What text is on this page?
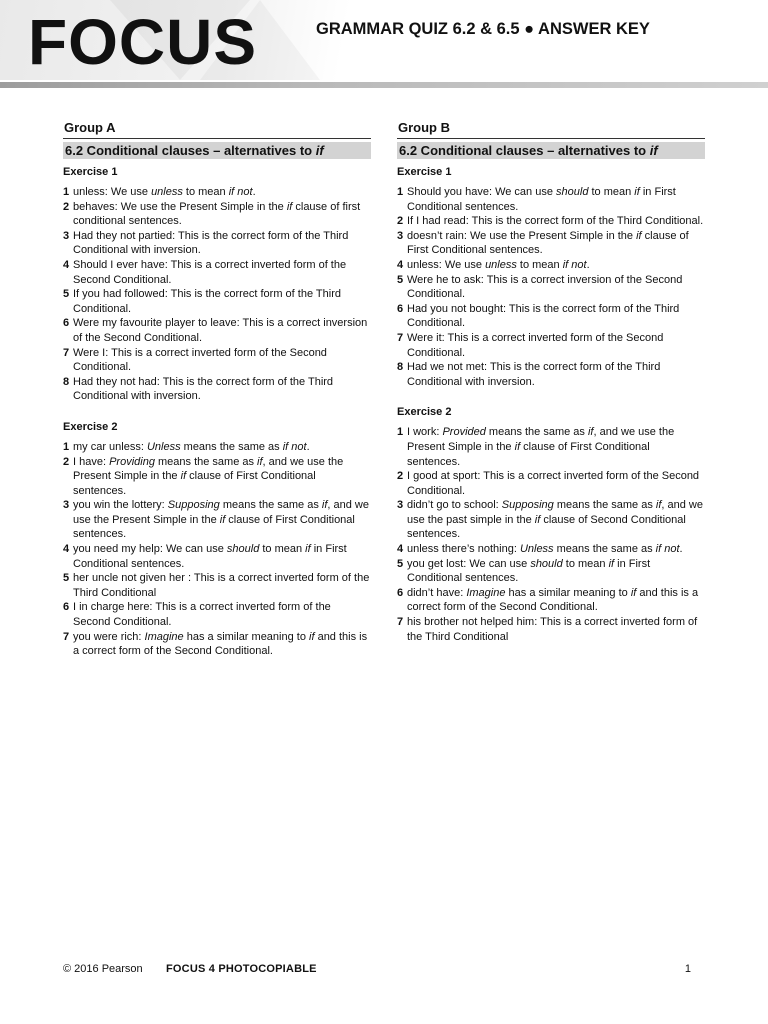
FOCUS	GRAMMAR QUIZ 6.2 & 6.5 ● ANSWER KEY
Group A
6.2 Conditional clauses – alternatives to if
Exercise 1
1 unless: We use unless to mean if not.
2 behaves: We use the Present Simple in the if clause of first conditional sentences.
3 Had they not partied: This is the correct form of the Third Conditional with inversion.
4 Should I ever have: This is a correct inverted form of the Second Conditional.
5 If you had followed: This is the correct form of the Third Conditional.
6 Were my favourite player to leave: This is a correct inversion of the Second Conditional.
7 Were I: This is a correct inverted form of the Second Conditional.
8 Had they not had: This is the correct form of the Third Conditional with inversion.
Exercise 2
1 my car unless: Unless means the same as if not.
2 I have: Providing means the same as if, and we use the Present Simple in the if clause of First Conditional sentences.
3 you win the lottery: Supposing means the same as if, and we use the Present Simple in the if clause of First Conditional sentences.
4 you need my help: We can use should to mean if in First Conditional sentences.
5 her uncle not given her : This is a correct inverted form of the Third Conditional
6 I in charge here: This is a correct inverted form of the Second Conditional.
7 you were rich: Imagine has a similar meaning to if and this is a correct form of the Second Conditional.
Group B
6.2 Conditional clauses – alternatives to if
Exercise 1
1 Should you have: We can use should to mean if in First Conditional sentences.
2 If I had read: This is the correct form of the Third Conditional.
3 doesn’t rain: We use the Present Simple in the if clause of First Conditional sentences.
4 unless: We use unless to mean if not.
5 Were he to ask: This is a correct inversion of the Second Conditional.
6 Had you not bought: This is the correct form of the Third Conditional.
7 Were it: This is a correct inverted form of the Second Conditional.
8 Had we not met: This is the correct form of the Third Conditional with inversion.
Exercise 2
1 I work: Provided means the same as if, and we use the Present Simple in the if clause of First Conditional sentences.
2 I good at sport: This is a correct inverted form of the Second Conditional.
3 didn’t go to school: Supposing means the same as if, and we use the past simple in the if clause of Second Conditional sentences.
4 unless there’s nothing: Unless means the same as if not.
5 you get lost: We can use should to mean if in First Conditional sentences.
6 didn’t have: Imagine has a similar meaning to if and this is a correct form of the Second Conditional.
7 his brother not helped him: This is a correct inverted form of the Third Conditional
© 2016 Pearson FOCUS 4 PHOTOCOPIABLE	1
